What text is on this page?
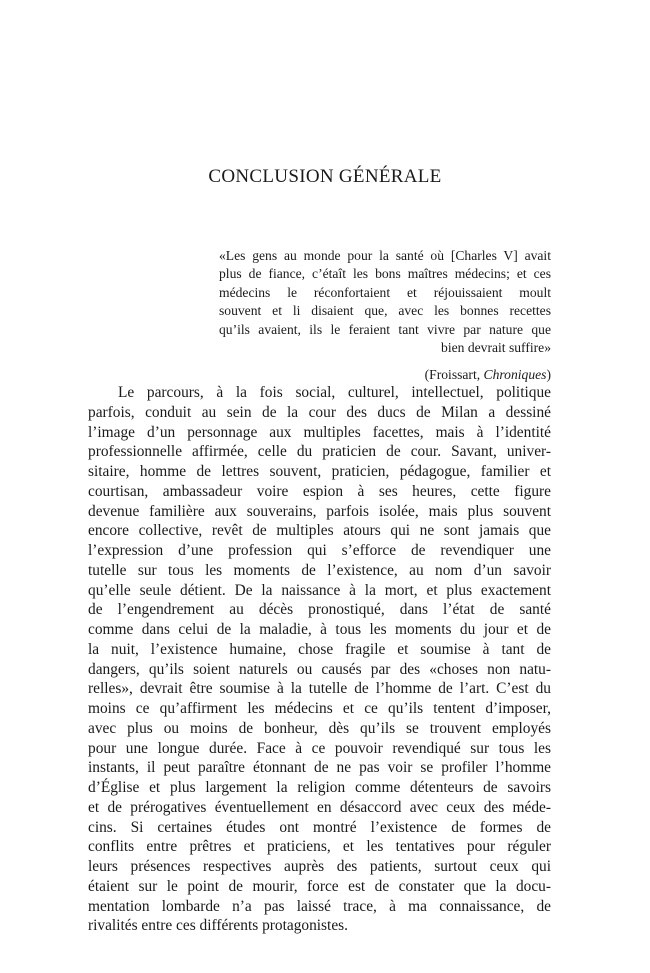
CONCLUSION GÉNÉRALE
«Les gens au monde pour la santé où [Charles V] avait
plus de fiance, c’étaît les bons maîtres médecins; et ces
médecins le réconfortaient et réjouissaient moult
souvent et li disaient que, avec les bonnes recettes
qu’ils avaient, ils le feraient tant vivre par nature que
bien devrait suffire»
(Froissart, Chroniques)
Le parcours, à la fois social, culturel, intellectuel, politique
parfois, conduit au sein de la cour des ducs de Milan a dessiné
l’image d’un personnage aux multiples facettes, mais à l’identité
professionnelle affirmée, celle du praticien de cour. Savant, univer-
sitaire, homme de lettres souvent, praticien, pédagogue, familier et
courtisan, ambassadeur voire espion à ses heures, cette figure
devenue familière aux souverains, parfois isolée, mais plus souvent
encore collective, revêt de multiples atours qui ne sont jamais que
l’expression d’une profession qui s’efforce de revendiquer une
tutelle sur tous les moments de l’existence, au nom d’un savoir
qu’elle seule détient. De la naissance à la mort, et plus exactement
de l’engendrement au décès pronostiqué, dans l’état de santé
comme dans celui de la maladie, à tous les moments du jour et de
la nuit, l’existence humaine, chose fragile et soumise à tant de
dangers, qu’ils soient naturels ou causés par des «choses non natu-
relles», devrait être soumise à la tutelle de l’homme de l’art. C’est du
moins ce qu’affirment les médecins et ce qu’ils tentent d’imposer,
avec plus ou moins de bonheur, dès qu’ils se trouvent employés
pour une longue durée. Face à ce pouvoir revendiqué sur tous les
instants, il peut paraître étonnant de ne pas voir se profiler l’homme
d’Église et plus largement la religion comme détenteurs de savoirs
et de prérogatives éventuellement en désaccord avec ceux des méde-
cins. Si certaines études ont montré l’existence de formes de
conflits entre prêtres et praticiens, et les tentatives pour réguler
leurs présences respectives auprès des patients, surtout ceux qui
étaient sur le point de mourir, force est de constater que la docu-
mentation lombarde n’a pas laissé trace, à ma connaissance, de
rivalités entre ces différents protagonistes.
